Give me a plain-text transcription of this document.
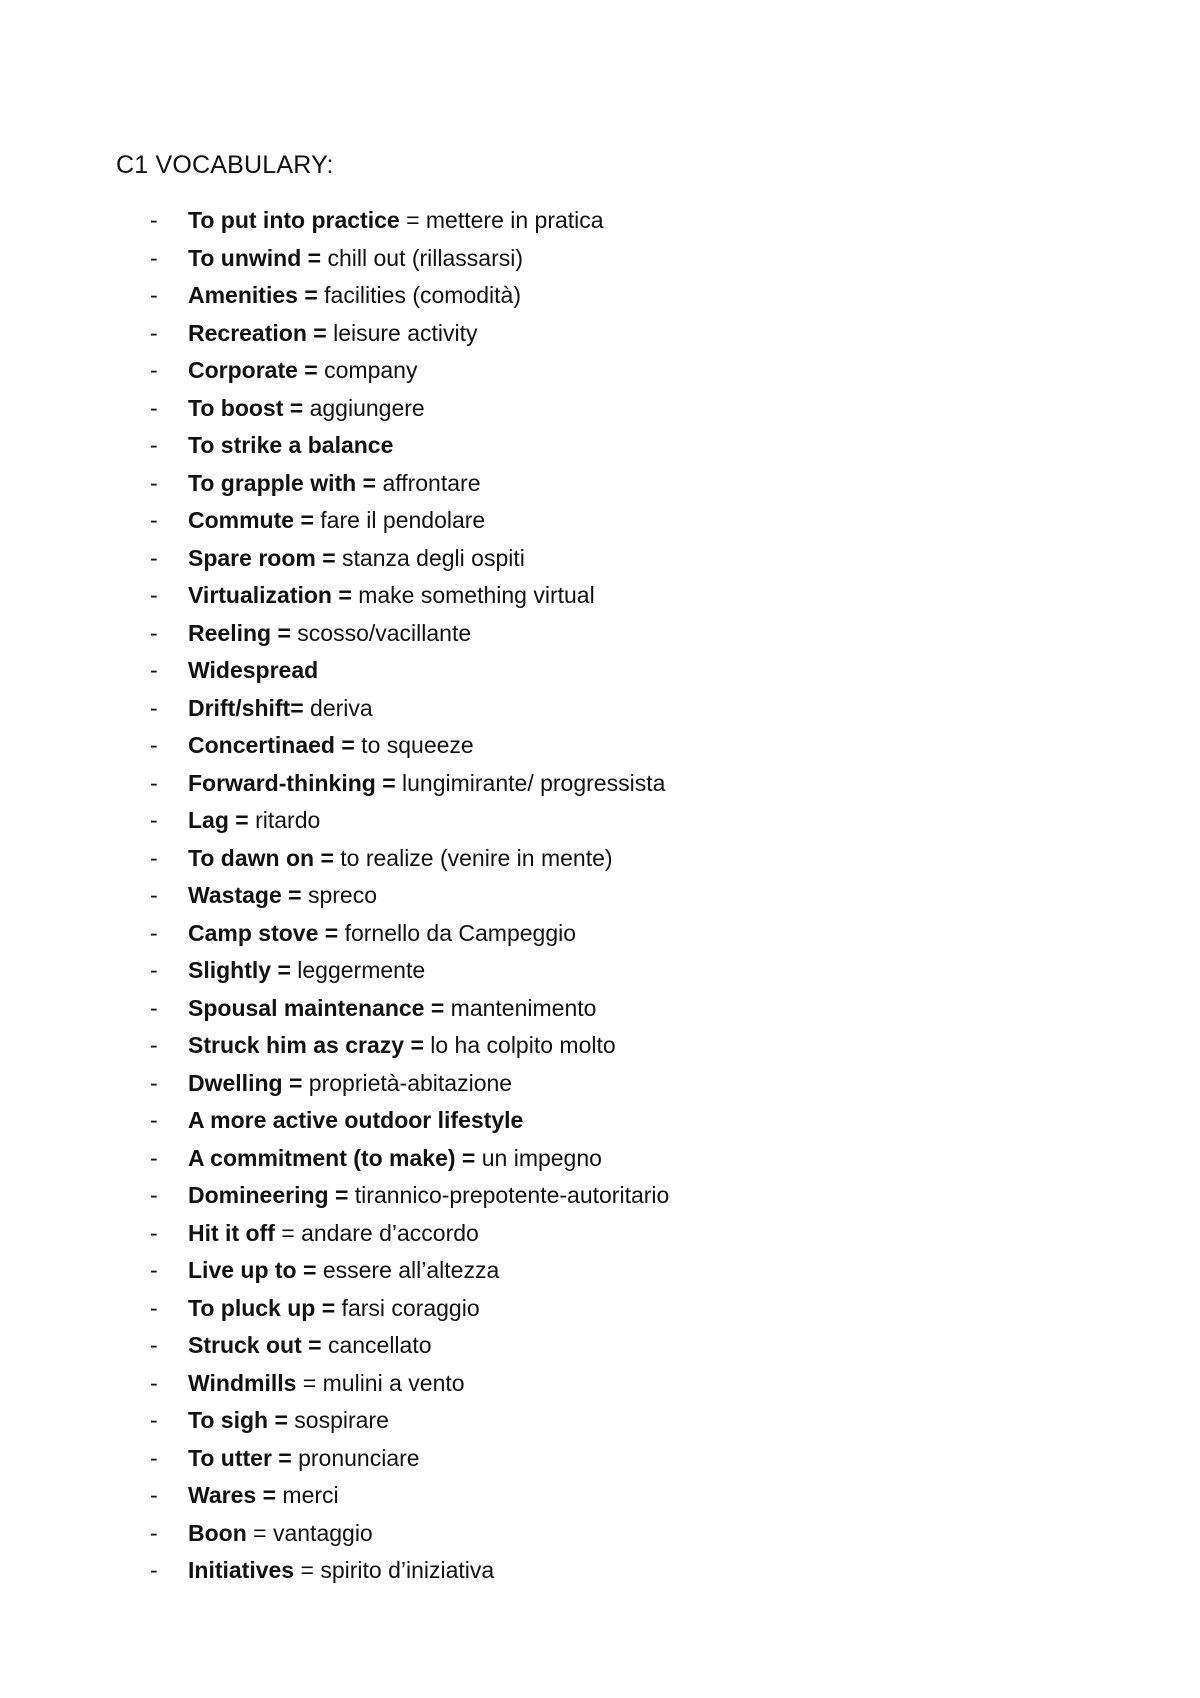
C1 VOCABULARY:
-	To put into practice = mettere in pratica
-	To unwind = chill out (rillassarsi)
-	Amenities = facilities (comodità)
-	Recreation = leisure activity
-	Corporate = company
-	To boost = aggiungere
-	To strike a balance
-	To grapple with = affrontare
-	Commute = fare il pendolare
-	Spare room = stanza degli ospiti
-	Virtualization = make something virtual
-	Reeling = scosso/vacillante
-	Widespread
-	Drift/shift= deriva
-	Concertinaed = to squeeze
-	Forward-thinking = lungimirante/ progressista
-	Lag = ritardo
-	To dawn on = to realize (venire in mente)
-	Wastage = spreco
-	Camp stove = fornello da Campeggio
-	Slightly = leggermente
-	Spousal maintenance = mantenimento
-	Struck him as crazy = lo ha colpito molto
-	Dwelling = proprietà-abitazione
-	A more active outdoor lifestyle
-	A commitment (to make) = un impegno
-	Domineering = tirannico-prepotente-autoritario
-	Hit it off = andare d’accordo
-	Live up to = essere all’altezza
-	To pluck up = farsi coraggio
-	Struck out = cancellato
-	Windmills = mulini a vento
-	To sigh = sospirare
-	To utter = pronunciare
-	Wares = merci
-	Boon = vantaggio
-	Initiatives = spirito d’iniziativa
